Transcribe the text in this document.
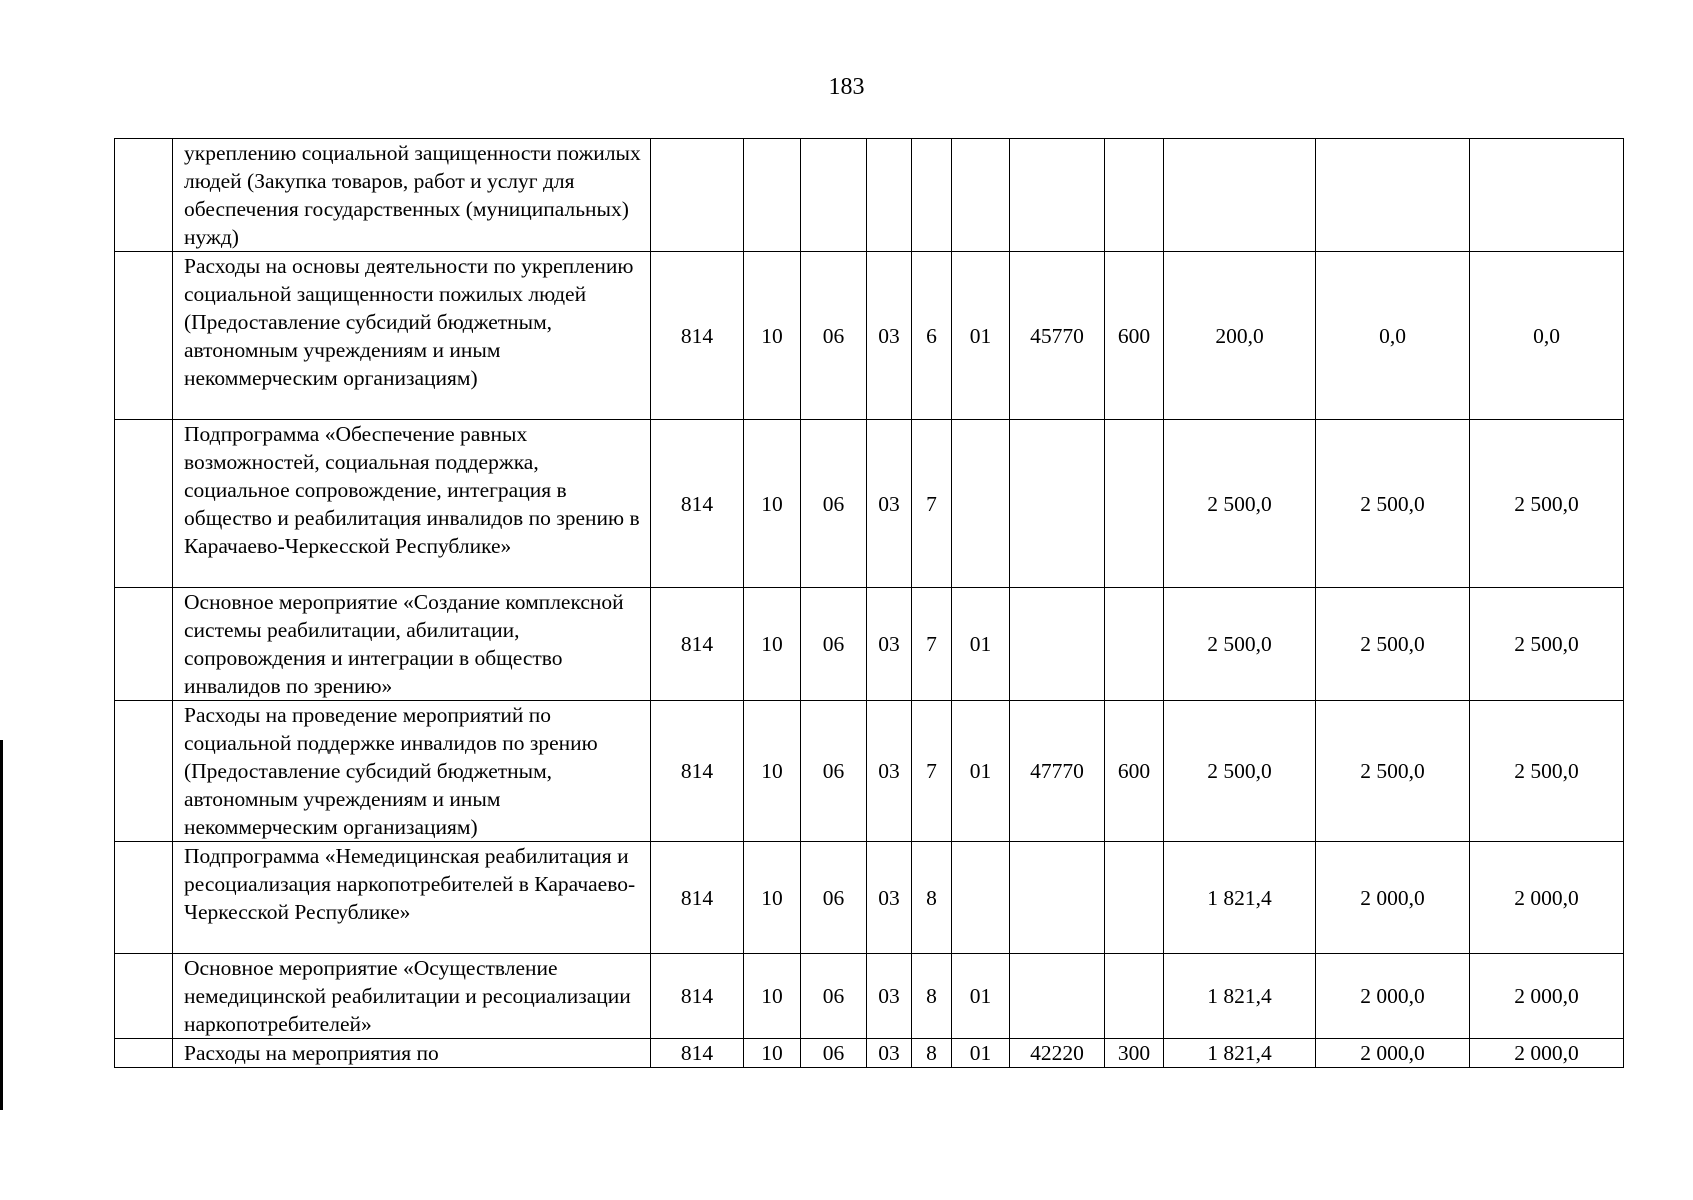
183
	укреплению социальной защищенности пожилых людей (Закупка товаров, работ и услуг для обеспечения государственных (муниципальных) нужд)											
	Расходы на основы деятельности по укреплению социальной защищенности пожилых людей (Предоставление субсидий бюджетным, автономным учреждениям и иным некоммерческим организациям)	814	10	06	03	6	01	45770	600	200,0	0,0	0,0
	Подпрограмма «Обеспечение равных возможностей, социальная поддержка, социальное сопровождение, интеграция в общество и реабилитация инвалидов по зрению в Карачаево-Черкесской Республике»	814	10	06	03	7				2 500,0	2 500,0	2 500,0
	Основное мероприятие «Создание комплексной системы реабилитации, абилитации, сопровождения и интеграции в общество инвалидов по зрению»	814	10	06	03	7	01			2 500,0	2 500,0	2 500,0
	Расходы на проведение мероприятий по социальной поддержке инвалидов по зрению (Предоставление субсидий бюджетным, автономным учреждениям и иным некоммерческим организациям)	814	10	06	03	7	01	47770	600	2 500,0	2 500,0	2 500,0
	Подпрограмма «Немедицинская реабилитация и ресоциализация наркопотребителей в Карачаево-Черкесской Республике»	814	10	06	03	8				1 821,4	2 000,0	2 000,0
	Основное мероприятие «Осуществление немедицинской реабилитации и ресоциализации наркопотребителей»	814	10	06	03	8	01			1 821,4	2 000,0	2 000,0
	Расходы на мероприятия по	814	10	06	03	8	01	42220	300	1 821,4	2 000,0	2 000,0
